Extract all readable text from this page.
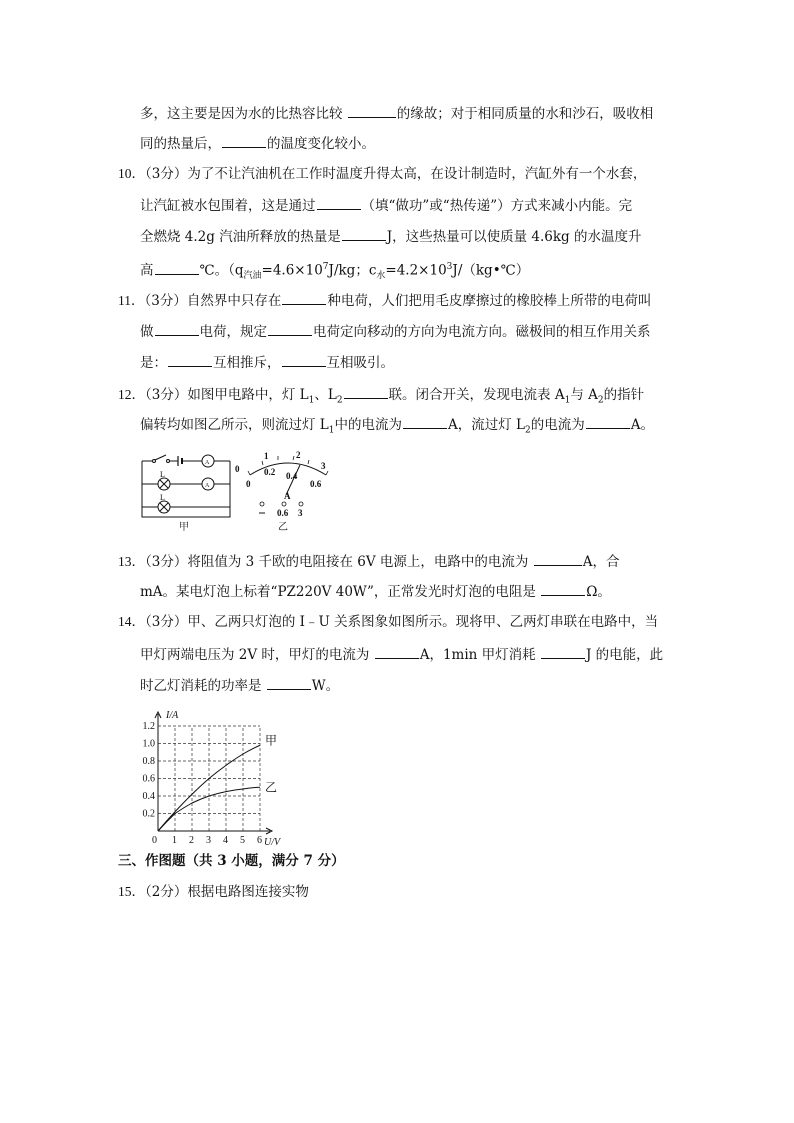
多，这主要是因为水的比热容比较	的缘故；对于相同质量的水和沙石，吸收相
同的热量后，	的温度变化较小。
10．（3分）为了不让汽油机在工作时温度升得太高，在设计制造时，汽缸外有一个水套，
让汽缸被水包围着，这是通过	（填“做功”或“热传递”）方式来减小内能。完
全燃烧 4.2g 汽油所释放的热量是	J，这些热量可以使质量 4.6kg 的水温度升
高	℃。（$q_{汽油}=4.6\times 10^7J/kg$；$c_水=4.2\times 10^3J/(kg•℃)$
11．（3分）自然界中只存在	种电荷，人们把用毛皮摩擦过的橡胶棒上所带的电荷叫
做	电荷，规定	电荷定向移动的方向为电流方向。磁极间的相互作用关系
是：	互相推斥，	互相吸引。
12．（3分）如图甲电路中，灯 $L_1$、$L_2$	联。闭合开关，发现电流表 $A_1$与 $A_2$的指针
偏转均如图乙所示，则流过灯 $L_1$中的电流为	A，流过灯 $L_2$的电流为	A。
L
L
A
A
甲
0
1	2
3
0
0.2 0.4
0.6
A
0.6 3
乙
13．（3分）将阻值为 3 千欧的电阻接在 6V 电源上，电路中的电流为	A，合
mA。某电灯泡上标着“PZ220V 40W”，正常发光时灯泡的电阻是	Ω。
14．（3分）甲、乙两只灯泡的 I﹣U 关系图象如图所示。现将甲、乙两灯串联在电路中，当
甲灯两端电压为 2V 时，甲灯的电流为	A，1min 甲灯消耗	J 的电能，此
时乙灯消耗的功率是	W。
0 1 2 3 4 5 6
0.2
0.4
0.6
0.8
1.0
1.2
I/A
U/V
甲
乙
三、作图题（共 3 小题，满分 7 分）
15．（2分）根据电路图连接实物
